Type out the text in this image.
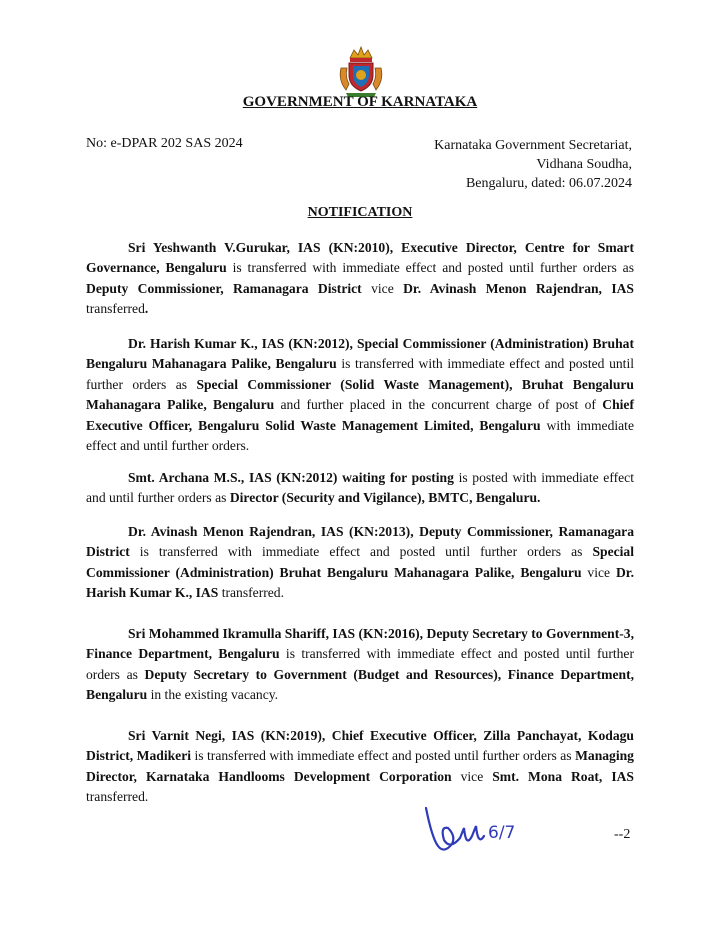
GOVERNMENT OF KARNATAKA
No: e-DPAR 202 SAS 2024	Karnataka Government Secretariat,
Vidhana Soudha,
Bengaluru, dated: 06.07.2024
NOTIFICATION

Sri Yeshwanth V.Gurukar, IAS (KN:2010), Executive Director, Centre for Smart Governance, Bengaluru is transferred with immediate effect and posted until further orders as Deputy Commissioner, Ramanagara District vice Dr. Avinash Menon Rajendran, IAS transferred.

Dr. Harish Kumar K., IAS (KN:2012), Special Commissioner (Administration) Bruhat Bengaluru Mahanagara Palike, Bengaluru is transferred with immediate effect and posted until further orders as Special Commissioner (Solid Waste Management), Bruhat Bengaluru Mahanagara Palike, Bengaluru and further placed in the concurrent charge of post of Chief Executive Officer, Bengaluru Solid Waste Management Limited, Bengaluru with immediate effect and until further orders.

Smt. Archana M.S., IAS (KN:2012) waiting for posting is posted with immediate effect and until further orders as Director (Security and Vigilance), BMTC, Bengaluru.

Dr. Avinash Menon Rajendran, IAS (KN:2013), Deputy Commissioner, Ramanagara District is transferred with immediate effect and posted until further orders as Special Commissioner (Administration) Bruhat Bengaluru Mahanagara Palike, Bengaluru vice Dr. Harish Kumar K., IAS transferred.

Sri Mohammed Ikramulla Shariff, IAS (KN:2016), Deputy Secretary to Government-3, Finance Department, Bengaluru is transferred with immediate effect and posted until further orders as Deputy Secretary to Government (Budget and Resources), Finance Department, Bengaluru in the existing vacancy.

Sri Varnit Negi, IAS (KN:2019), Chief Executive Officer, Zilla Panchayat, Kodagu District, Madikeri is transferred with immediate effect and posted until further orders as Managing Director, Karnataka Handlooms Development Corporation vice Smt. Mona Roat, IAS transferred.

6/7	--2
